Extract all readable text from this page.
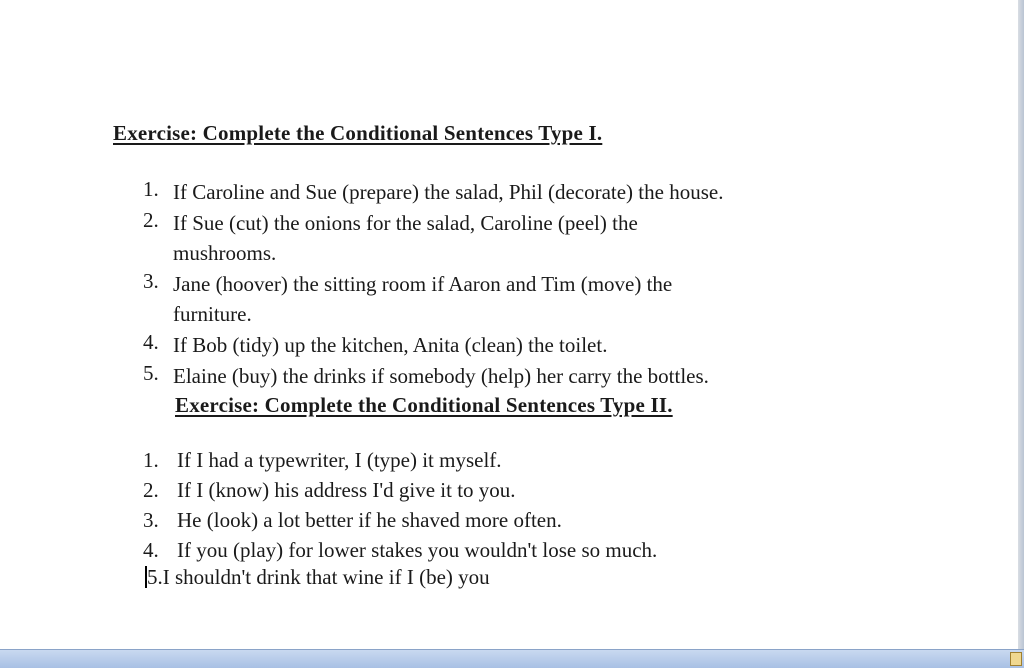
Exercise: Complete the Conditional Sentences Type I.
1. If Caroline and Sue (prepare) the salad, Phil (decorate) the house.
2. If Sue (cut) the onions for the salad, Caroline (peel) the
mushrooms.
3. Jane (hoover) the sitting room if Aaron and Tim (move) the
furniture.
4. If Bob (tidy) up the kitchen, Anita (clean) the toilet.
5. Elaine (buy) the drinks if somebody (help) her carry the bottles.
Exercise: Complete the Conditional Sentences Type II.
1. If I had a typewriter, I (type) it myself.
2. If I (know) his address I'd give it to you.
3. He (look) a lot better if he shaved more often.
4. If you (play) for lower stakes you wouldn't lose so much.
5.I shouldn't drink that wine if I (be) you
